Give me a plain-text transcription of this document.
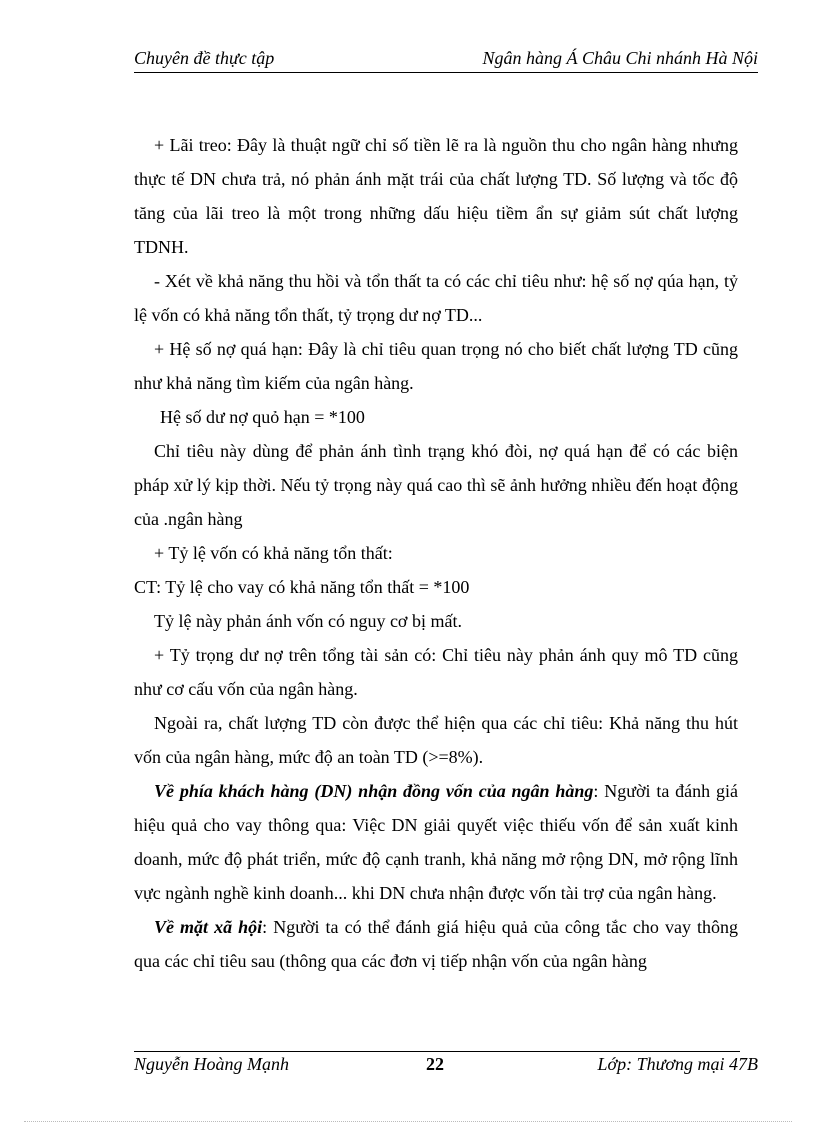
Chuyên đề thực tập	Ngân hàng Á Châu Chi nhánh Hà Nội

+ Lãi treo: Đây là thuật ngữ chỉ số tiền lẽ ra là nguồn thu cho ngân hàng nhưng thực tế DN chưa trả, nó phản ánh mặt trái của chất lượng TD. Số lượng và tốc độ tăng của lãi treo là một trong những dấu hiệu tiềm ẩn sự giảm sút chất lượng TDNH.

- Xét về khả năng thu hồi và tổn thất ta có các chỉ tiêu như: hệ số nợ qúa hạn, tỷ lệ vốn có khả năng tổn thất, tỷ trọng dư nợ TD...

+ Hệ số nợ quá hạn: Đây là chỉ tiêu quan trọng nó cho biết chất lượng TD cũng như khả năng tìm kiếm của ngân hàng.

Hệ số dư nợ quỏ hạn = *100

Chỉ tiêu này dùng để phản ánh tình trạng khó đòi, nợ quá hạn để có các biện pháp xử lý kịp thời. Nếu tỷ trọng này quá cao thì sẽ ảnh hưởng nhiều đến hoạt động của .ngân hàng

+ Tỷ lệ vốn có khả năng tổn thất:

CT: Tỷ lệ cho vay có khả năng tổn thất = *100

Tỷ lệ này phản ánh vốn có nguy cơ bị mất.

+ Tỷ trọng dư nợ trên tổng tài sản có: Chỉ tiêu này phản ánh quy mô TD cũng như cơ cấu vốn của ngân hàng.

Ngoài ra, chất lượng TD còn được thể hiện qua các chỉ tiêu: Khả năng thu hút vốn của ngân hàng, mức độ an toàn TD (>=8%).

Về phía khách hàng (DN) nhận đồng vốn của ngân hàng: Người ta đánh giá hiệu quả cho vay thông qua: Việc DN giải quyết việc thiếu vốn để sản xuất kinh doanh, mức độ phát triển, mức độ cạnh tranh, khả năng mở rộng DN, mở rộng lĩnh vực ngành nghề kinh doanh... khi DN chưa nhận được vốn tài trợ của ngân hàng.

Về mặt xã hội: Người ta có thể đánh giá hiệu quả của công tắc cho vay thông qua các chỉ tiêu sau (thông qua các đơn vị tiếp nhận vốn của ngân hàng

Nguyễn Hoàng Mạnh	22	Lớp: Thương mại 47B
